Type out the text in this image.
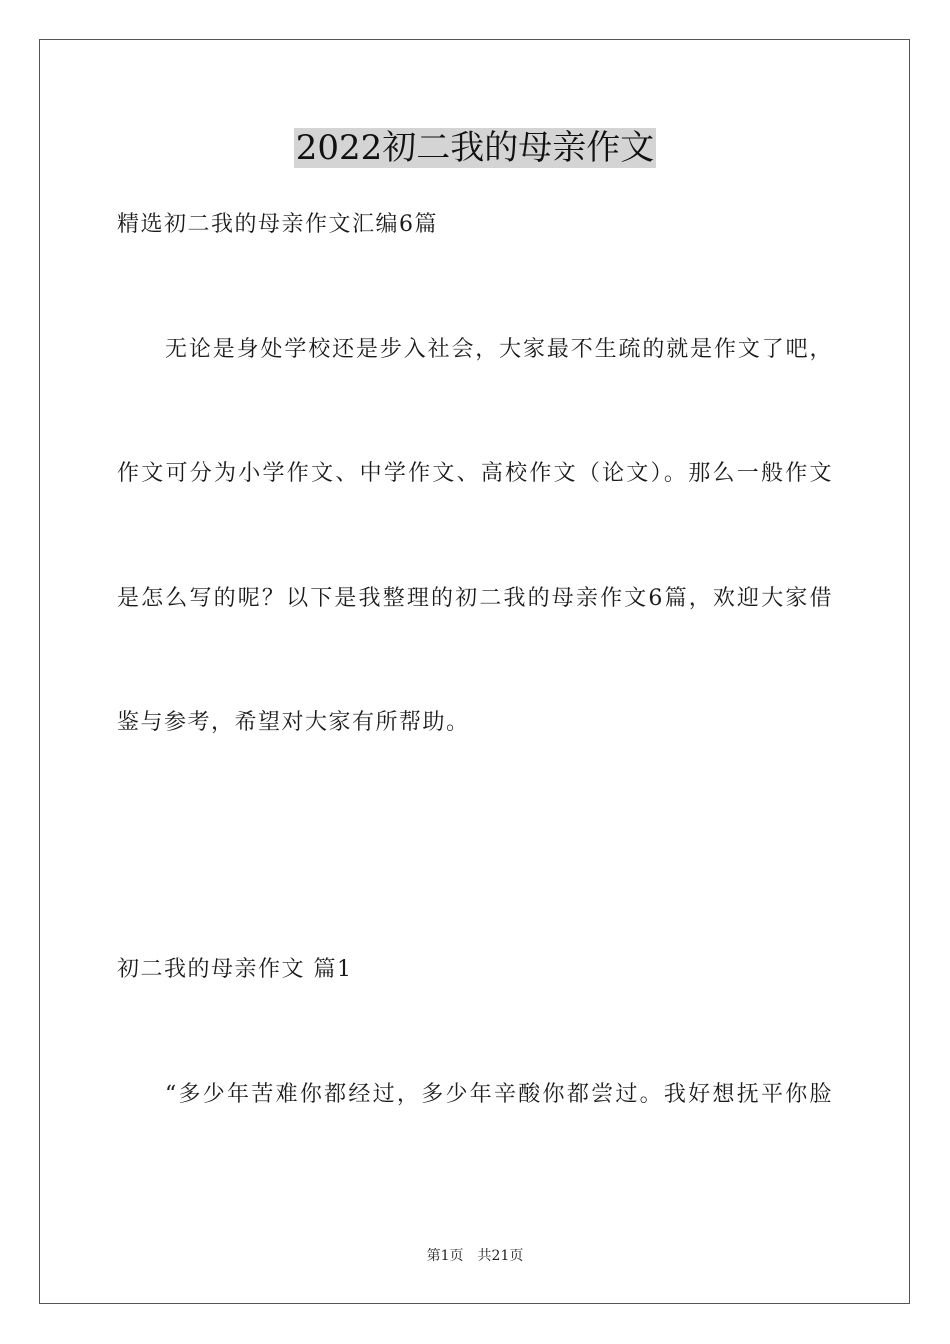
2022初二我的母亲作文
精选初二我的母亲作文汇编6篇
无论是身处学校还是步入社会，大家最不生疏的就是作文了吧，
作文可分为小学作文、中学作文、高校作文（论文）。那么一般作文
是怎么写的呢？以下是我整理的初二我的母亲作文6篇，欢迎大家借
鉴与参考，希望对大家有所帮助。
初二我的母亲作文 篇1
“多少年苦难你都经过，多少年辛酸你都尝过。我好想抚平你脸
第1页 共21页
